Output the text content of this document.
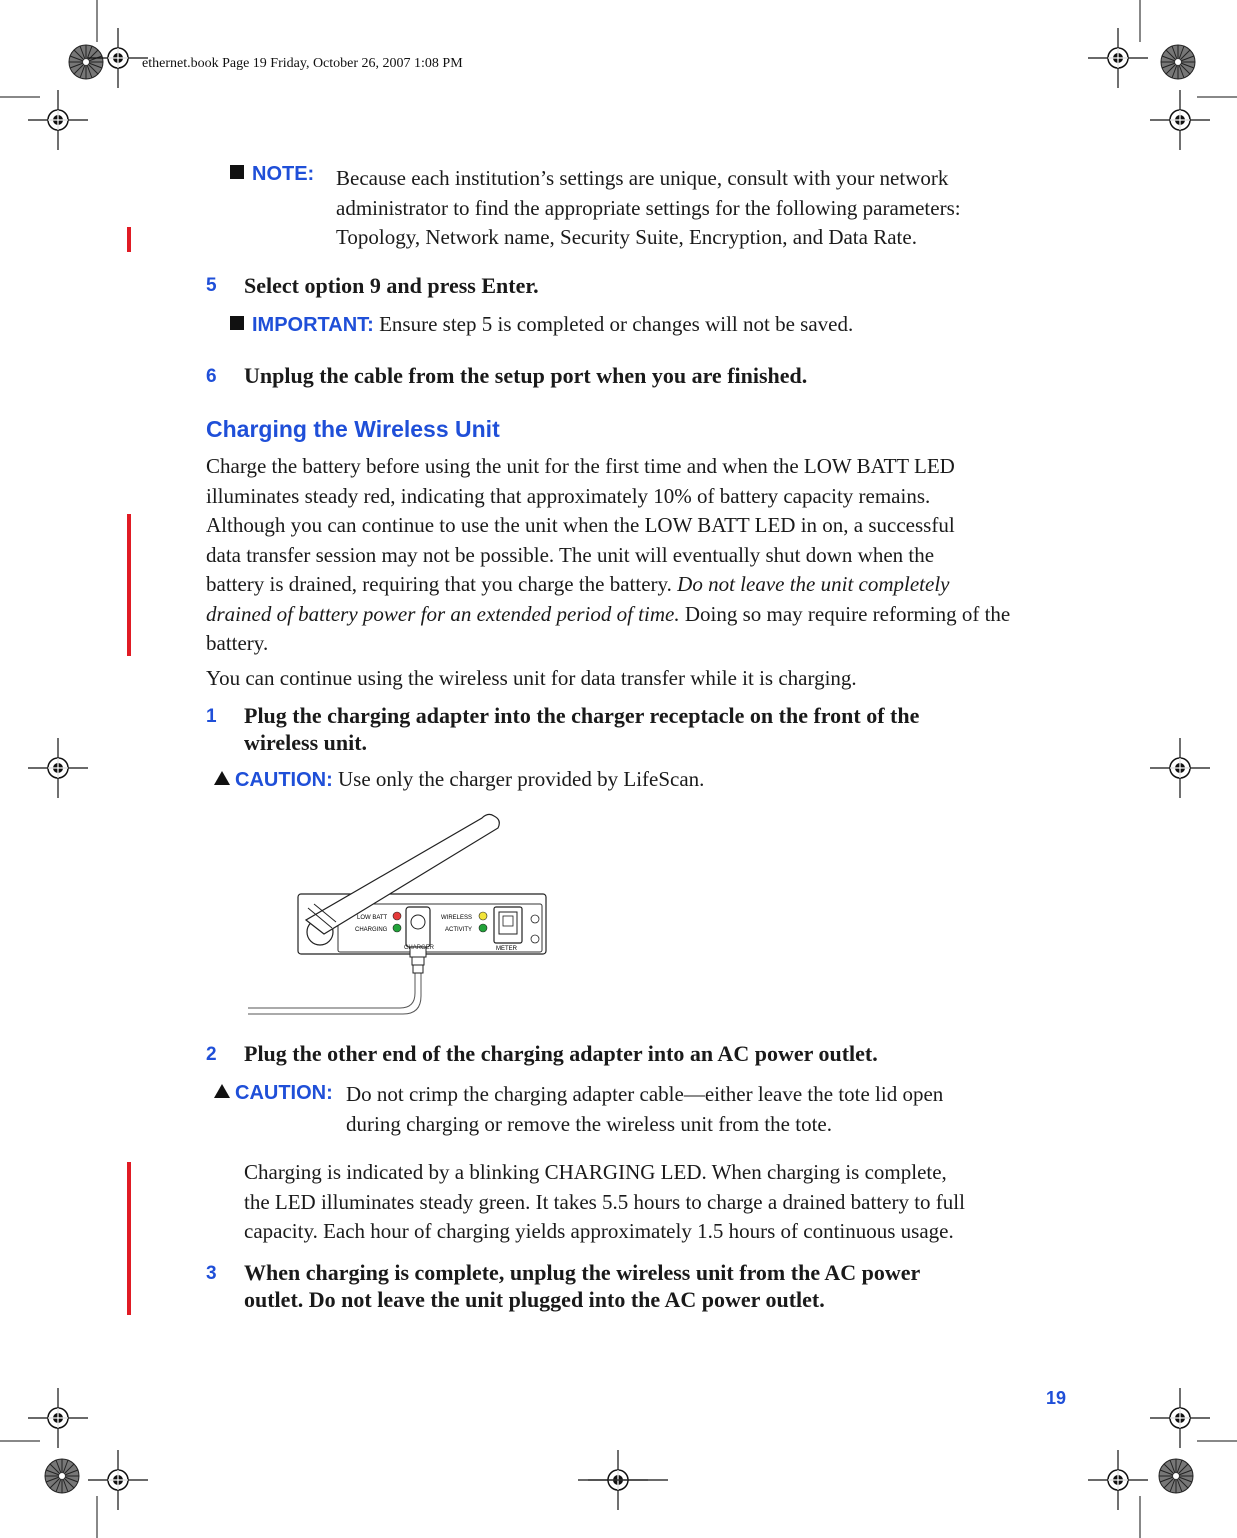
ethernet.book Page 19 Friday, October 26, 2007 1:08 PM
NOTE:	Because each institution’s settings are unique, consult with your network
administrator to find the appropriate settings for the following parameters:
Topology, Network name, Security Suite, Encryption, and Data Rate.
5 Select option 9 and press Enter.
IMPORTANT: Ensure step 5 is completed or changes will not be saved.
6 Unplug the cable from the setup port when you are finished.
Charging the Wireless Unit
Charge the battery before using the unit for the first time and when the LOW BATT LED
illuminates steady red, indicating that approximately 10% of battery capacity remains.
Although you can continue to use the unit when the LOW BATT LED in on, a successful
data transfer session may not be possible. The unit will eventually shut down when the
battery is drained, requiring that you charge the battery. Do not leave the unit completely
drained of battery power for an extended period of time. Doing so may require reforming of the
battery.
You can continue using the wireless unit for data transfer while it is charging.
1 Plug the charging adapter into the charger receptacle on the front of the
wireless unit.
CAUTION: Use only the charger provided by LifeScan.
LOW BATT
CHARGING
CHARGER
WIRELESS
ACTIVITY
METER
2 Plug the other end of the charging adapter into an AC power outlet.
CAUTION: Do not crimp the charging adapter cable—either leave the tote lid open
during charging or remove the wireless unit from the tote.
Charging is indicated by a blinking CHARGING LED. When charging is complete,
the LED illuminates steady green. It takes 5.5 hours to charge a drained battery to full
capacity. Each hour of charging yields approximately 1.5 hours of continuous usage.
3 When charging is complete, unplug the wireless unit from the AC power
outlet. Do not leave the unit plugged into the AC power outlet.
19
